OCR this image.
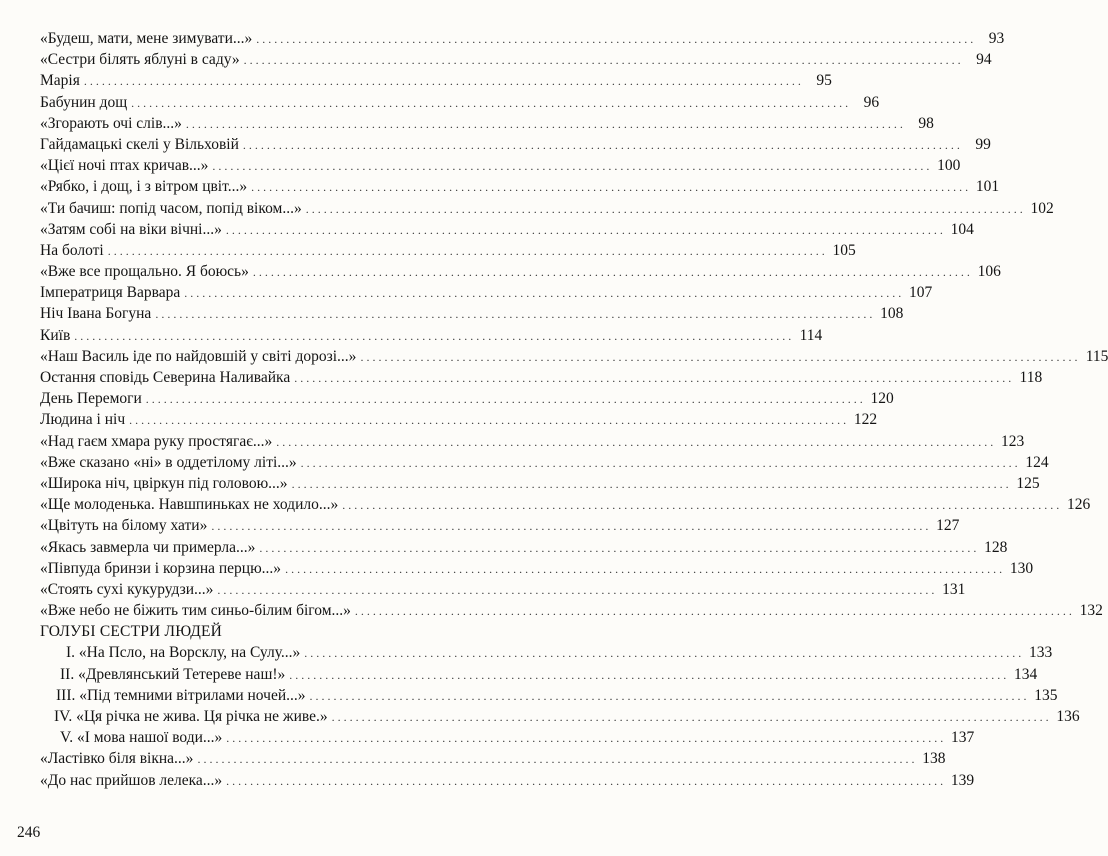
«Будеш, мати, мене зимувати...» ........................................................................................................................ 93
«Сестри білять яблуні в саду» ........................................................................................................................ 94
Марія ........................................................................................................................ 95
Бабунин дощ ........................................................................................................................ 96
«Згорають очі слів...» ........................................................................................................................ 98
Гайдамацькі скелі у Вільховій ........................................................................................................................ 99
«Цієї ночі птах кричав...» ........................................................................................................................ 100
«Рябко, і дощ, і з вітром цвіт...» ........................................................................................................................ 101
«Ти бачиш: попід часом, попід віком...» ........................................................................................................................ 102
«Затям собі на віки вічні...» ........................................................................................................................ 104
На болоті ........................................................................................................................ 105
«Вже все прощально. Я боюсь» ........................................................................................................................ 106
Імператриця Варвара ........................................................................................................................ 107
Ніч Івана Богуна ........................................................................................................................ 108
Київ ........................................................................................................................ 114
«Наш Василь іде по найдовшій у світі дорозі...» ........................................................................................................................ 115
Остання сповідь Северина Наливайка ........................................................................................................................ 118
День Перемоги ........................................................................................................................ 120
Людина і ніч ........................................................................................................................ 122
«Над гаєм хмара руку простягає...» ........................................................................................................................ 123
«Вже сказано «ні» в оддетілому літі...» ........................................................................................................................ 124
«Широка ніч, цвіркун під головою...» ........................................................................................................................ 125
«Ще молоденька. Навшпиньках не ходило...» ........................................................................................................................ 126
«Цвітуть на білому хати» ........................................................................................................................ 127
«Якась завмерла чи примерла...» ........................................................................................................................ 128
«Півпуда бринзи і корзина перцю...» ........................................................................................................................ 130
«Стоять сухі кукурудзи...» ........................................................................................................................ 131
«Вже небо не біжить тим синьо-білим бігом...» ........................................................................................................................ 132
ГОЛУБІ СЕСТРИ ЛЮДЕЙ
I. «На Псло, на Ворсклу, на Сулу...» ........................................................................................................................ 133
II. «Древлянський Тетереве наш!» ........................................................................................................................ 134
III. «Під темними вітрилами ночей...» ........................................................................................................................ 135
IV. «Ця річка не жива. Ця річка не живе.» ........................................................................................................................ 136
V. «І мова нашої води...» ........................................................................................................................ 137
«Ластівко біля вікна...» ........................................................................................................................ 138
«До нас прийшов лелека...» ........................................................................................................................ 139
246
